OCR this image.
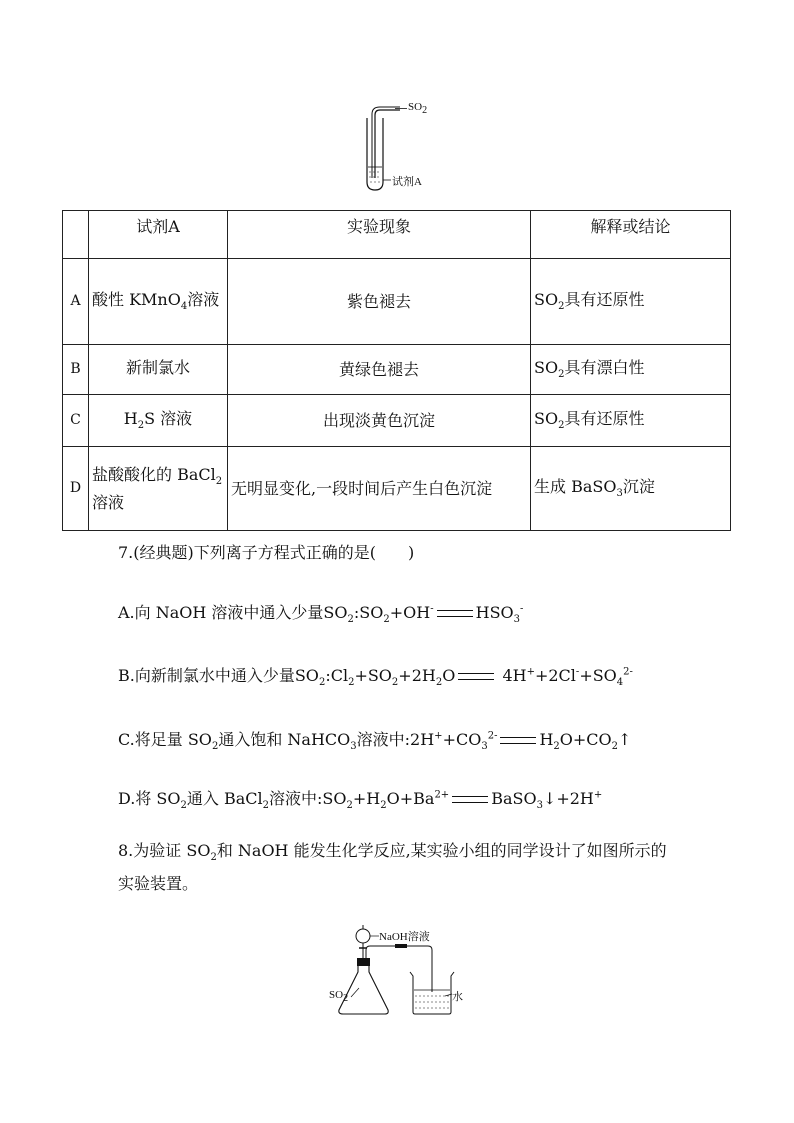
$SO_2$
试剂A
	试剂A	实验现象	解释或结论
A	酸性 KMnO$_4$溶液	紫色褪去	$SO_2$具有还原性
B	新制氯水	黄绿色褪去	$SO_2$具有漂白性
C	$H_2S$ 溶液	出现淡黄色沉淀	$SO_2$具有还原性
D	盐酸酸化的 BaCl$_2$溶液	无明显变化,一段时间后产生白色沉淀	生成 BaSO$_3$沉淀
7.(经典题)下列离子方程式正确的是(　　)
A.向 NaOH 溶液中通入少量$SO_2:SO_2+OH^-$	$HSO_3^-$
B.向新制氯水中通入少量$SO_2:Cl_2+SO_2+2H_2O$	$4H^++2Cl^-+SO_4^{2-}$
C.将足量 $SO_2$通入饱和 NaHCO$_3$溶液中$:2H^++CO_3^{2-}$	$H_2O+CO_2↑$
D.将 $SO_2$通入 BaCl$_2$溶液中$:SO_2+H_2O+Ba^{2+}$	BaSO$_3$↓+2H+
8.为验证 $SO_2$和 NaOH 能发生化学反应,某实验小组的同学设计了如图所示的实验装置。
NaOH溶液
$SO_2$	水
